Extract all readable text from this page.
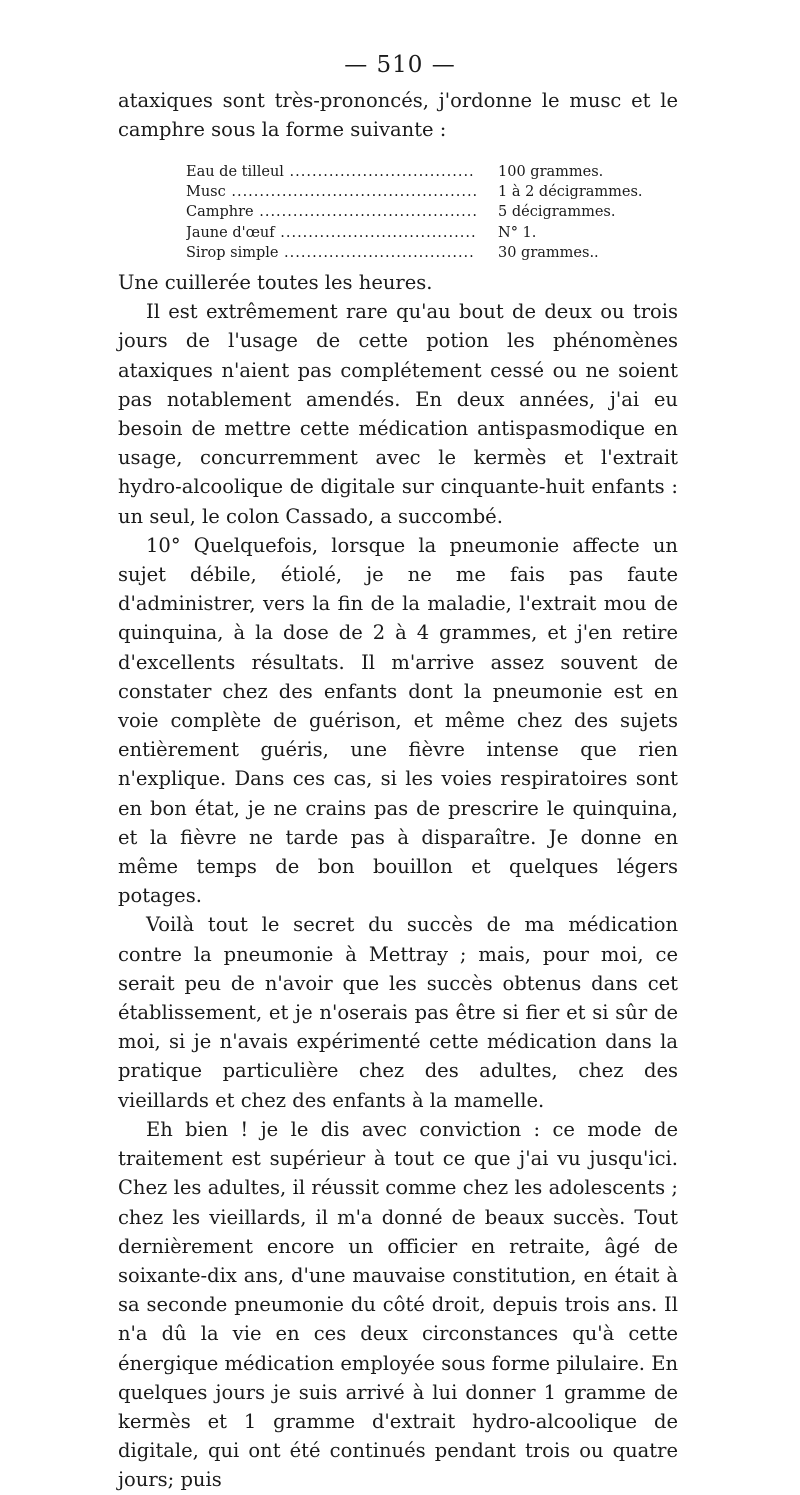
— 510 —

ataxiques sont très-prononcés, j'ordonne le musc et le camphre sous la forme suivante :

Eau de tilleul .....	100 grammes.
Musc .....	1 à 2 décigrammes.
Camphre .....	5 décigrammes.
Jaune d'œuf .....	N° 1.
Sirop simple .....	30 grammes..

Une cuillerée toutes les heures.

Il est extrêmement rare qu'au bout de deux ou trois jours de l'usage de cette potion les phénomènes ataxiques n'aient pas complétement cessé ou ne soient pas notablement amendés. En deux années, j'ai eu besoin de mettre cette médication antispasmodique en usage, concurremment avec le kermès et l'extrait hydro-alcoolique de digitale sur cinquante-huit enfants : un seul, le colon Cassado, a succombé.

10° Quelquefois, lorsque la pneumonie affecte un sujet débile, étiolé, je ne me fais pas faute d'administrer, vers la fin de la maladie, l'extrait mou de quinquina, à la dose de 2 à 4 grammes, et j'en retire d'excellents résultats. Il m'arrive assez souvent de constater chez des enfants dont la pneumonie est en voie complète de guérison, et même chez des sujets entièrement guéris, une fièvre intense que rien n'explique. Dans ces cas, si les voies respiratoires sont en bon état, je ne crains pas de prescrire le quinquina, et la fièvre ne tarde pas à disparaître. Je donne en même temps de bon bouillon et quelques légers potages.

Voilà tout le secret du succès de ma médication contre la pneumonie à Mettray ; mais, pour moi, ce serait peu de n'avoir que les succès obtenus dans cet établissement, et je n'oserais pas être si fier et si sûr de moi, si je n'avais expérimenté cette médication dans la pratique particulière chez des adultes, chez des vieillards et chez des enfants à la mamelle.

Eh bien ! je le dis avec conviction : ce mode de traitement est supérieur à tout ce que j'ai vu jusqu'ici. Chez les adultes, il réussit comme chez les adolescents ; chez les vieillards, il m'a donné de beaux succès. Tout dernièrement encore un officier en retraite, âgé de soixante-dix ans, d'une mauvaise constitution, en était à sa seconde pneumonie du côté droit, depuis trois ans. Il n'a dû la vie en ces deux circonstances qu'à cette énergique médication employée sous forme pilulaire. En quelques jours je suis arrivé à lui donner 1 gramme de kermès et 1 gramme d'extrait hydro-alcoolique de digitale, qui ont été continués pendant trois ou quatre jours; puis
